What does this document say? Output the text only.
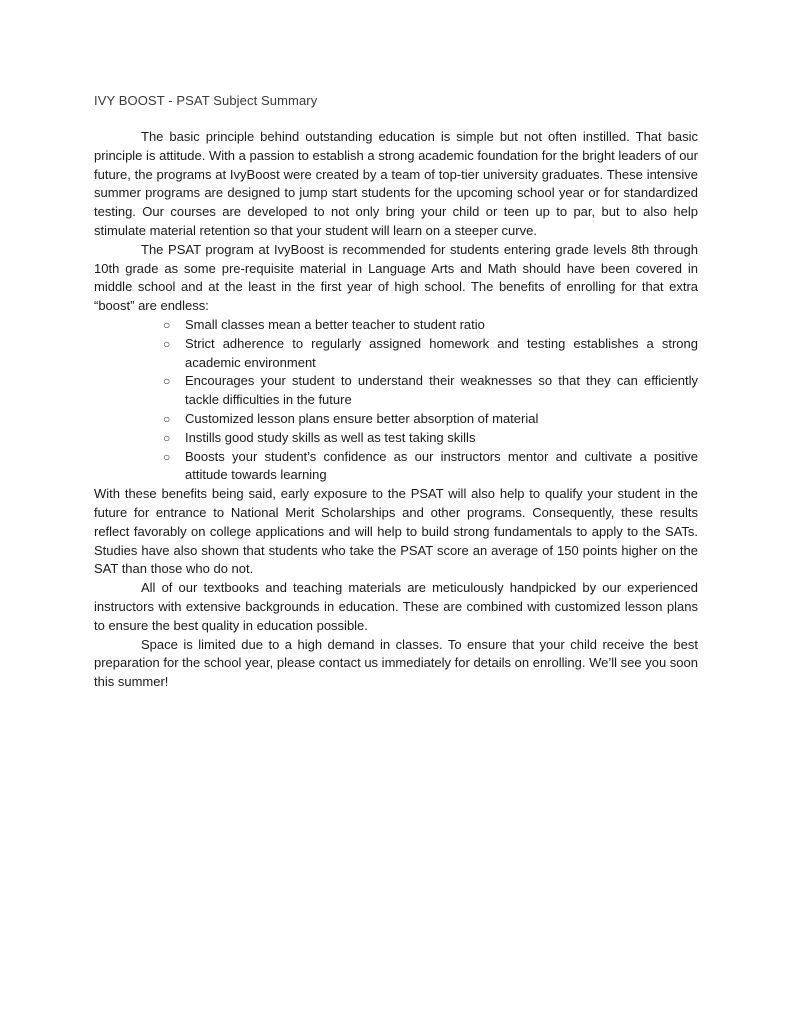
IVY BOOST - PSAT Subject Summary

The basic principle behind outstanding education is simple but not often instilled. That basic principle is attitude. With a passion to establish a strong academic foundation for the bright leaders of our future, the programs at IvyBoost were created by a team of top-tier university graduates. These intensive summer programs are designed to jump start students for the upcoming school year or for standardized testing. Our courses are developed to not only bring your child or teen up to par, but to also help stimulate material retention so that your student will learn on a steeper curve.

The PSAT program at IvyBoost is recommended for students entering grade levels 8th through 10th grade as some pre-requisite material in Language Arts and Math should have been covered in middle school and at the least in the first year of high school. The benefits of enrolling for that extra “boost” are endless:

○ Small classes mean a better teacher to student ratio
○ Strict adherence to regularly assigned homework and testing establishes a strong academic environment
○ Encourages your student to understand their weaknesses so that they can efficiently tackle difficulties in the future
○ Customized lesson plans ensure better absorption of material
○ Instills good study skills as well as test taking skills
○ Boosts your student’s confidence as our instructors mentor and cultivate a positive attitude towards learning

With these benefits being said, early exposure to the PSAT will also help to qualify your student in the future for entrance to National Merit Scholarships and other programs. Consequently, these results reflect favorably on college applications and will help to build strong fundamentals to apply to the SATs. Studies have also shown that students who take the PSAT score an average of 150 points higher on the SAT than those who do not.

All of our textbooks and teaching materials are meticulously handpicked by our experienced instructors with extensive backgrounds in education. These are combined with customized lesson plans to ensure the best quality in education possible.

Space is limited due to a high demand in classes. To ensure that your child receive the best preparation for the school year, please contact us immediately for details on enrolling. We’ll see you soon this summer!
